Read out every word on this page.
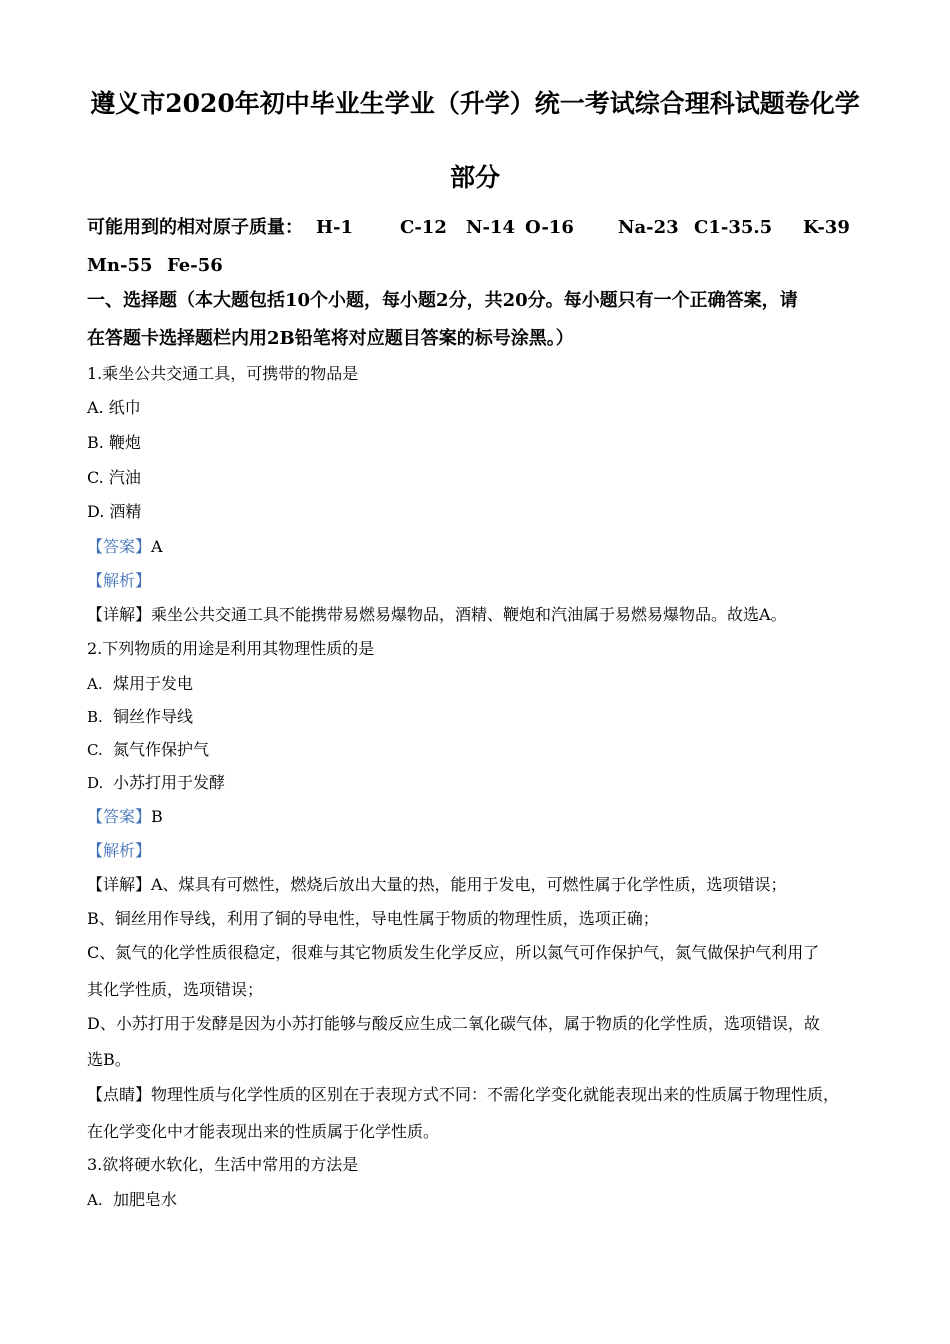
遵义市2020年初中毕业生学业（升学）统一考试综合理科试题卷化学
部分
可能用到的相对原子质量： H-1	C-12 N-14 O-16 Na-23 C1-35.5 K-39
Mn-55 Fe-56
一、选择题（本大题包括10个小题，每小题2分，共20分。每小题只有一个正确答案，请
在答题卡选择题栏内用2B铅笔将对应题目答案的标号涂黑。）
1.乘坐公共交通工具，可携带的物品是
A. 纸巾
B. 鞭炮
C. 汽油
D. 酒精
【答案】A
【解析】
【详解】乘坐公共交通工具不能携带易燃易爆物品，酒精、鞭炮和汽油属于易燃易爆物品。故选A。
2.下列物质的用途是利用其物理性质的是
A. 煤用于发电
B. 铜丝作导线
C. 氮气作保护气
D. 小苏打用于发酵
【答案】B
【解析】
【详解】A、煤具有可燃性，燃烧后放出大量的热，能用于发电，可燃性属于化学性质，选项错误；
B、铜丝用作导线，利用了铜的导电性，导电性属于物质的物理性质，选项正确；
C、氮气的化学性质很稳定，很难与其它物质发生化学反应，所以氮气可作保护气，氮气做保护气利用了
其化学性质，选项错误；
D、小苏打用于发酵是因为小苏打能够与酸反应生成二氧化碳气体，属于物质的化学性质，选项错误，故
选B。
【点睛】物理性质与化学性质的区别在于表现方式不同：不需化学变化就能表现出来的性质属于物理性质，
在化学变化中才能表现出来的性质属于化学性质。
3.欲将硬水软化，生活中常用的方法是
A. 加肥皂水
